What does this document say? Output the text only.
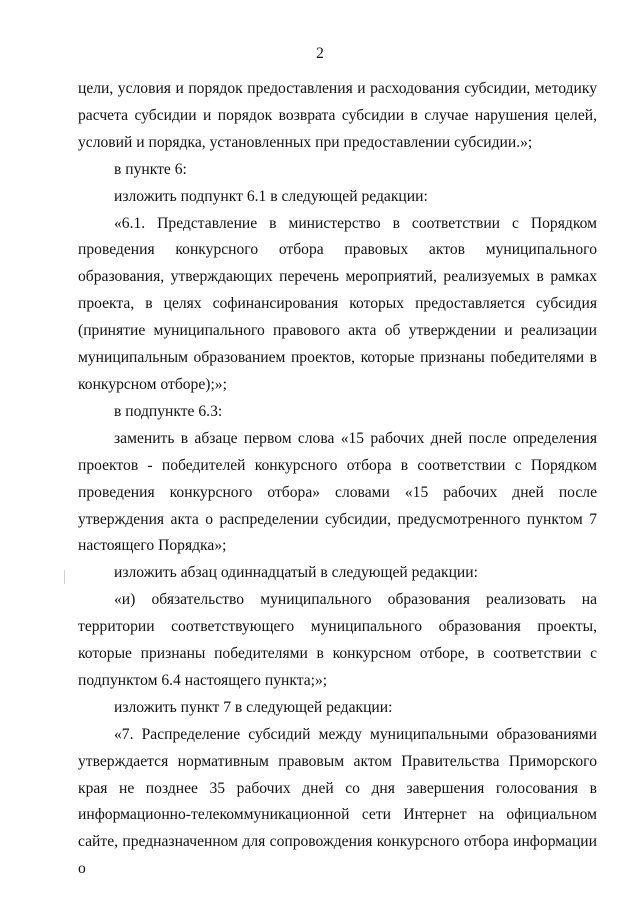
2

цели, условия и порядок предоставления и расходования субсидии, методику расчета субсидии и порядок возврата субсидии в случае нарушения целей, условий и порядка, установленных при предоставлении субсидии.»;

в пункте 6:

изложить подпункт 6.1 в следующей редакции:

«6.1. Представление в министерство в соответствии с Порядком проведения конкурсного отбора правовых актов муниципального образования, утверждающих перечень мероприятий, реализуемых в рамках проекта, в целях софинансирования которых предоставляется субсидия (принятие муниципального правового акта об утверждении и реализации муниципальным образованием проектов, которые признаны победителями в конкурсном отборе);»;

в подпункте 6.3:

заменить в абзаце первом слова «15 рабочих дней после определения проектов - победителей конкурсного отбора в соответствии с Порядком проведения конкурсного отбора» словами «15 рабочих дней после утверждения акта о распределении субсидии, предусмотренного пунктом 7 настоящего Порядка»;

изложить абзац одиннадцатый в следующей редакции:

«и) обязательство муниципального образования реализовать на территории соответствующего муниципального образования проекты, которые признаны победителями в конкурсном отборе, в соответствии с подпунктом 6.4 настоящего пункта;»;

изложить пункт 7 в следующей редакции:

«7. Распределение субсидий между муниципальными образованиями утверждается нормативным правовым актом Правительства Приморского края не позднее 35 рабочих дней со дня завершения голосования в информационно-телекоммуникационной сети Интернет на официальном сайте, предназначенном для сопровождения конкурсного отбора информации о
